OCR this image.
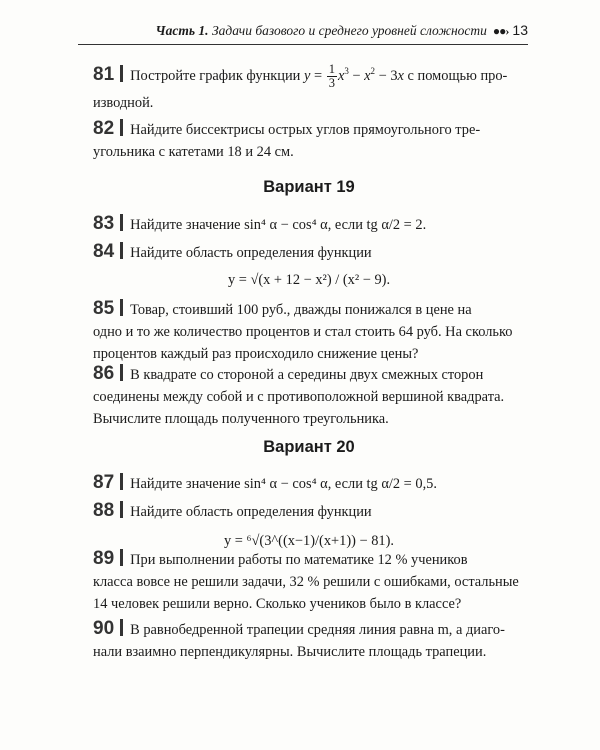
Часть 1.
Задачи базового и среднего уровней сложности ●●› 13

81 Постройте график функции $y = \frac{1}{3} x^3 - x^2 - 3x$ с помощью про-
изводной.

82 Найдите биссектрисы острых углов прямоугольного тре-
угольника с катетами 18 и 24 см.

Вариант 19

83 Найдите значение sin⁴ α − cos⁴ α, если tg α/2 = 2.

84 Найдите область определения функции

y = √(x + 12 − x²) / (x² − 9).

85 Товар, стоивший 100 руб., дважды понижался в цене на
одно и то же количество процентов и стал стоить 64 руб. На сколько
процентов каждый раз происходило снижение цены?

86 В квадрате со стороной a середины двух смежных сторон
соединены между собой и с противоположной вершиной квадрата.
Вычислите площадь полученного треугольника.

Вариант 20

87 Найдите значение sin⁴ α − cos⁴ α, если tg α/2 = 0,5.

88 Найдите область определения функции

y = ⁶√(3^((x−1)/(x+1)) − 81).

89 При выполнении работы по математике 12 % учеников
класса вовсе не решили задачи, 32 % решили с ошибками, остальные
14 человек решили верно. Сколько учеников было в классе?

90 В равнобедренной трапеции средняя линия равна m, а диаго-
нали взаимно перпендикулярны. Вычислите площадь трапеции.
